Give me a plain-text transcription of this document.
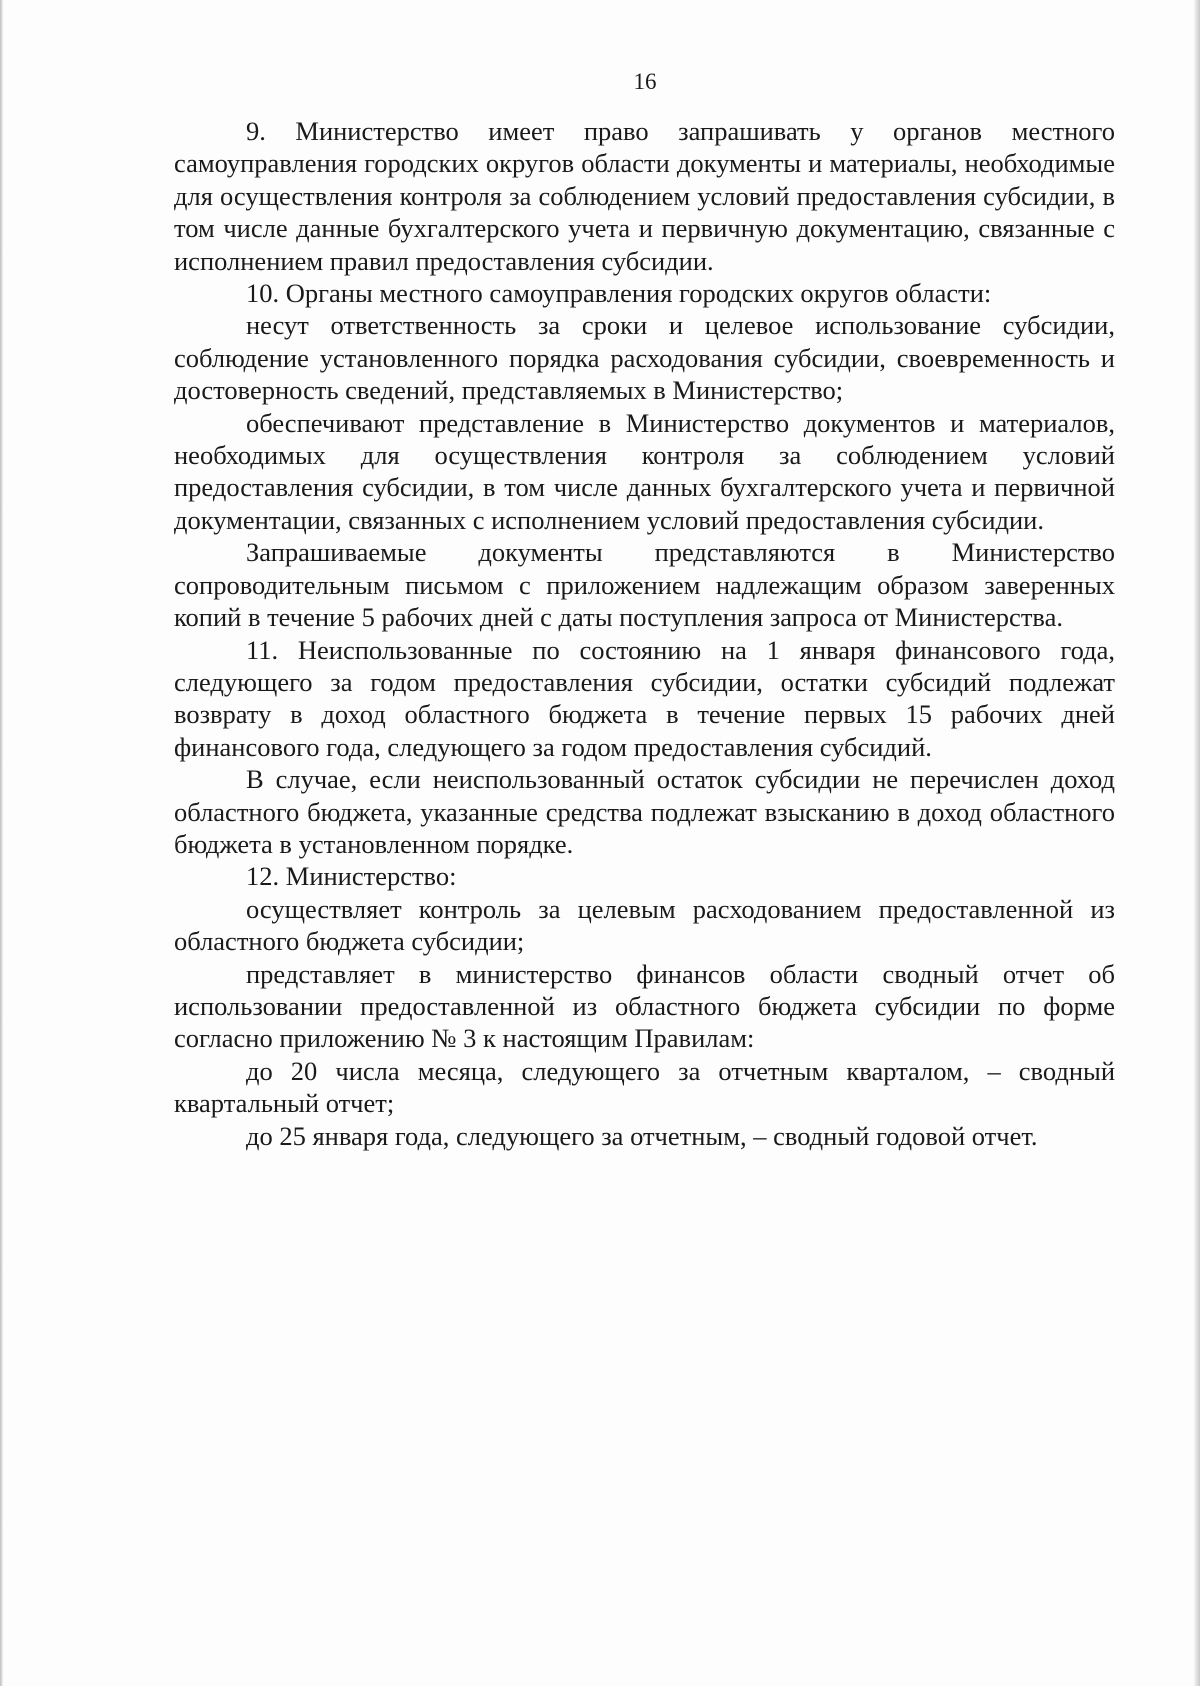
16

9. Министерство имеет право запрашивать у органов местного самоуправления городских округов области документы и материалы, необходимые для осуществления контроля за соблюдением условий предоставления субсидии, в том числе данные бухгалтерского учета и первичную документацию, связанные с исполнением правил предоставления субсидии.

10. Органы местного самоуправления городских округов области:

несут ответственность за сроки и целевое использование субсидии, соблюдение установленного порядка расходования субсидии, своевременность и достоверность сведений, представляемых в Министерство;

обеспечивают представление в Министерство документов и материалов, необходимых для осуществления контроля за соблюдением условий предоставления субсидии, в том числе данных бухгалтерского учета и первичной документации, связанных с исполнением условий предоставления субсидии.

Запрашиваемые документы представляются в Министерство сопроводительным письмом с приложением надлежащим образом заверенных копий в течение 5 рабочих дней с даты поступления запроса от Министерства.

11. Неиспользованные по состоянию на 1 января финансового года, следующего за годом предоставления субсидии, остатки субсидий подлежат возврату в доход областного бюджета в течение первых 15 рабочих дней финансового года, следующего за годом предоставления субсидий.

В случае, если неиспользованный остаток субсидии не перечислен доход областного бюджета, указанные средства подлежат взысканию в доход областного бюджета в установленном порядке.

12. Министерство:

осуществляет контроль за целевым расходованием предоставленной из областного бюджета субсидии;

представляет в министерство финансов области сводный отчет об использовании предоставленной из областного бюджета субсидии по форме согласно приложению № 3 к настоящим Правилам:

до 20 числа месяца, следующего за отчетным кварталом, – сводный квартальный отчет;

до 25 января года, следующего за отчетным, – сводный годовой отчет.
